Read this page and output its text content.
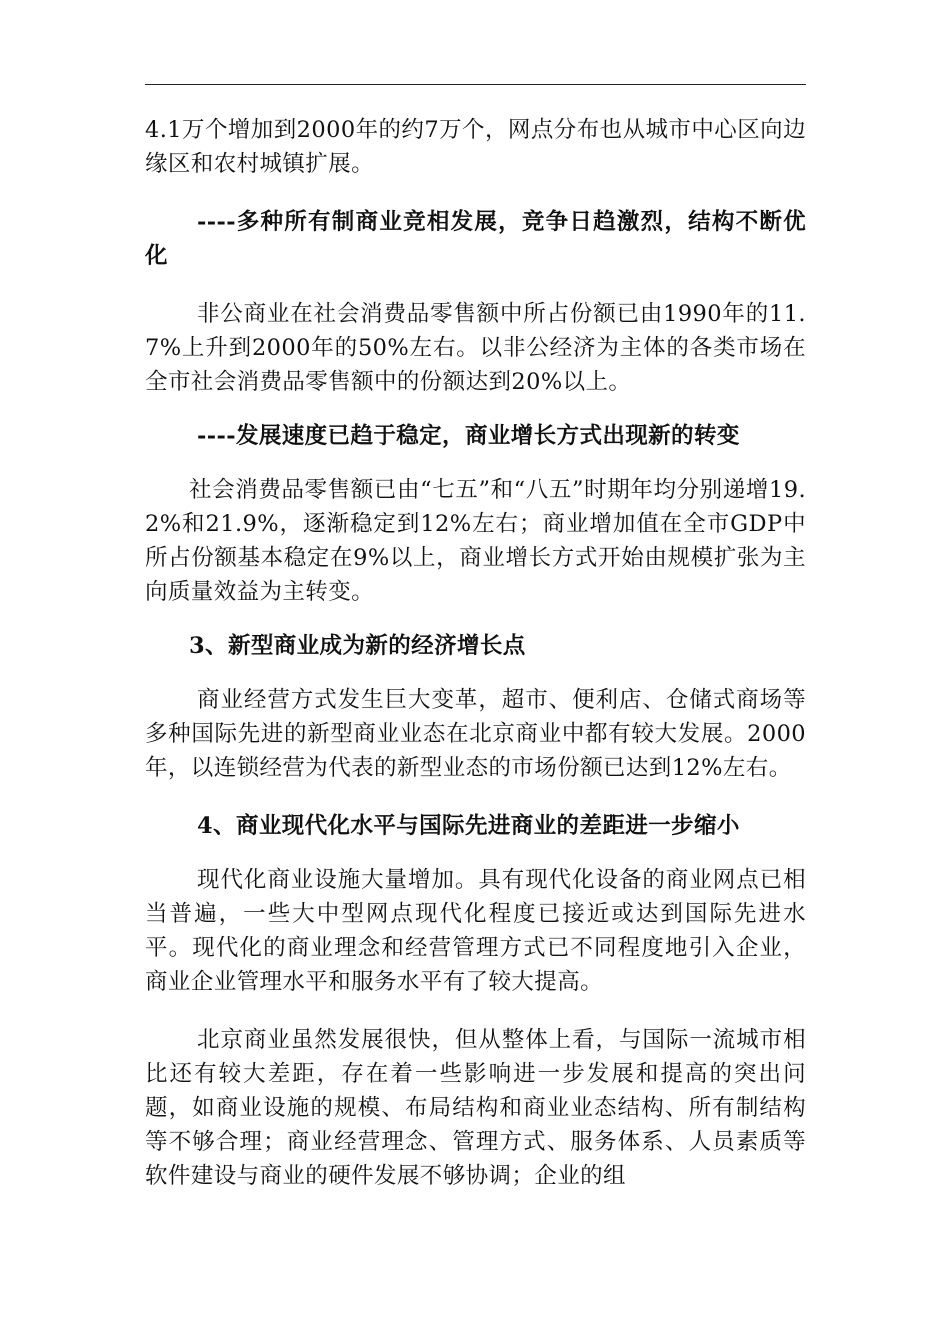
4.1万个增加到2000年的约7万个，网点分布也从城市中心区向边缘区和农村城镇扩展。

----多种所有制商业竞相发展，竞争日趋激烈，结构不断优化

非公商业在社会消费品零售额中所占份额已由1990年的11.7%上升到2000年的50%左右。以非公经济为主体的各类市场在全市社会消费品零售额中的份额达到20%以上。

----发展速度已趋于稳定，商业增长方式出现新的转变

社会消费品零售额已由“七五”和“八五”时期年均分别递增19.2%和21.9%，逐渐稳定到12%左右；商业增加值在全市GDP中所占份额基本稳定在9%以上，商业增长方式开始由规模扩张为主向质量效益为主转变。

3、新型商业成为新的经济增长点

商业经营方式发生巨大变革，超市、便利店、仓储式商场等多种国际先进的新型商业业态在北京商业中都有较大发展。2000年，以连锁经营为代表的新型业态的市场份额已达到12%左右。

4、商业现代化水平与国际先进商业的差距进一步缩小

现代化商业设施大量增加。具有现代化设备的商业网点已相当普遍，一些大中型网点现代化程度已接近或达到国际先进水平。现代化的商业理念和经营管理方式已不同程度地引入企业，商业企业管理水平和服务水平有了较大提高。

北京商业虽然发展很快，但从整体上看，与国际一流城市相比还有较大差距，存在着一些影响进一步发展和提高的突出问题，如商业设施的规模、布局结构和商业业态结构、所有制结构等不够合理；商业经营理念、管理方式、服务体系、人员素质等软件建设与商业的硬件发展不够协调；企业的组
